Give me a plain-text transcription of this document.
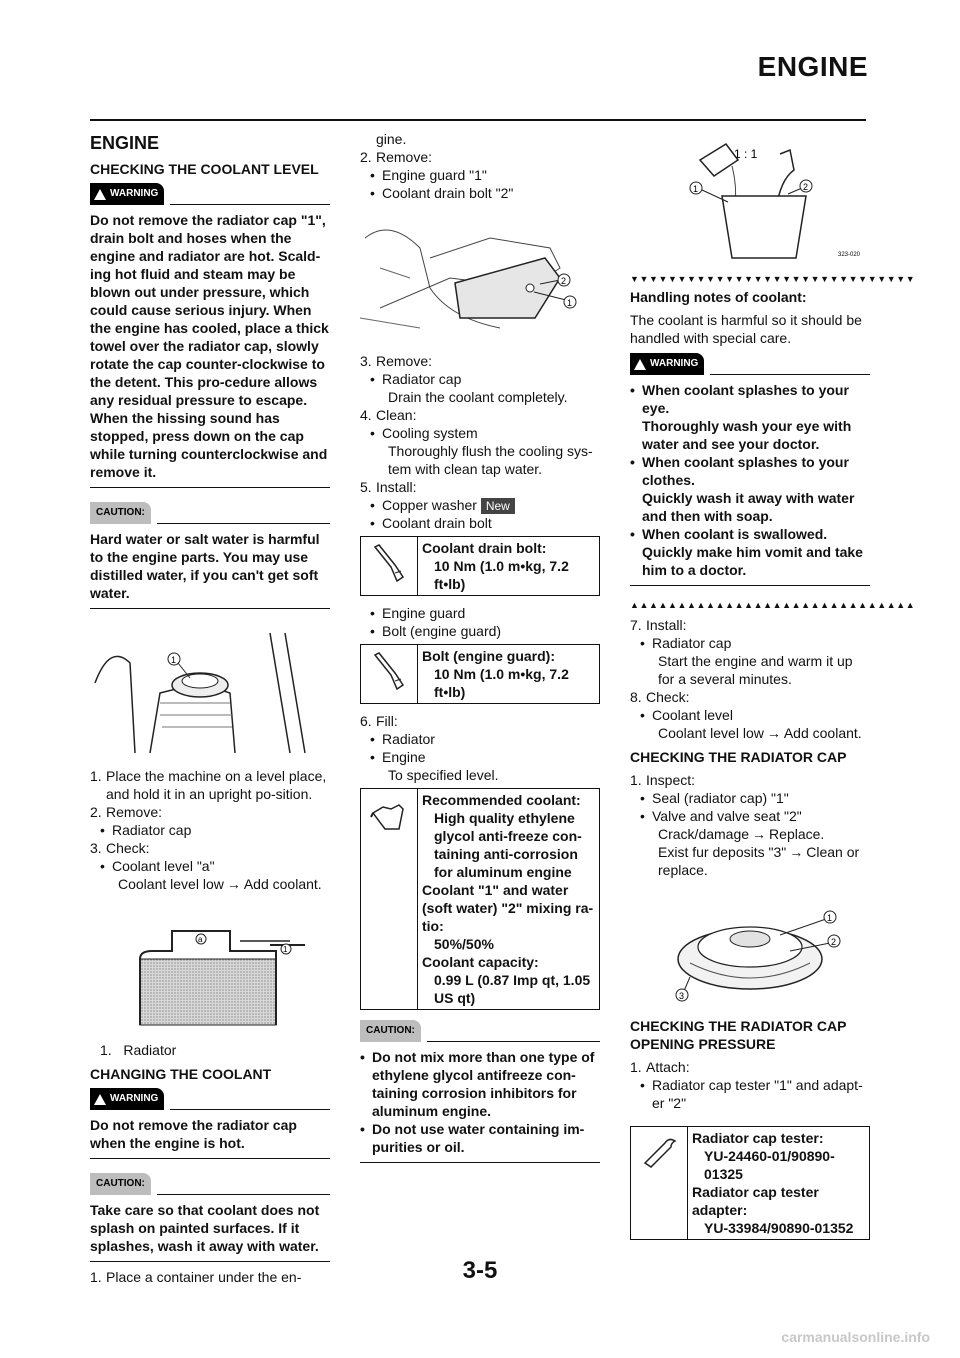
ENGINE
ENGINE
CHECKING THE COOLANT LEVEL
WARNING

Do not remove the radiator cap "1", drain bolt and hoses when the engine and radiator are hot. Scald-ing hot fluid and steam may be blown out under pressure, which could cause serious injury. When the engine has cooled, place a thick towel over the radiator cap, slowly rotate the cap counter-clockwise to the detent. This pro-cedure allows any residual pressure to escape. When the hissing sound has stopped, press down on the cap while turning counterclockwise and remove it.

CAUTION:

Hard water or salt water is harmful to the engine parts. You may use distilled water, if you can't get soft water.

1
1. Place the machine on a level place, and hold it in an upright po-sition.
2. Remove:
• Radiator cap
3. Check:
• Coolant level "a"
Coolant level low → Add coolant.
a
1
1. Radiator
CHANGING THE COOLANT
WARNING

Do not remove the radiator cap when the engine is hot.

CAUTION:

Take care so that coolant does not splash on painted surfaces. If it splashes, wash it away with water.

1. Place a container under the en-
gine.
2. Remove:
• Engine guard "1"
• Coolant drain bolt "2"
2
1
3. Remove:
• Radiator cap
Drain the coolant completely.
4. Clean:
• Cooling system
Thoroughly flush the cooling sys-tem with clean tap water.
5. Install:
• Copper washer New
• Coolant drain bolt
Coolant drain bolt:
10 Nm (1.0 m•kg, 7.2 ft•lb)
• Engine guard
• Bolt (engine guard)
Bolt (engine guard):
10 Nm (1.0 m•kg, 7.2 ft•lb)
6. Fill:
• Radiator
• Engine
To specified level.
Recommended coolant:
High quality ethylene glycol anti-freeze con-taining anti-corrosion for aluminum engine
Coolant "1" and water (soft water) "2" mixing ra-tio:
50%/50%
Coolant capacity:
0.99 L (0.87 Imp qt, 1.05 US qt)
CAUTION:
• Do not mix more than one type of ethylene glycol antifreeze con-taining corrosion inhibitors for aluminum engine.
• Do not use water containing im-purities or oil.
1 : 1
1	2
323-020
▼▼▼▼▼▼▼▼▼▼▼▼▼▼▼▼▼▼▼▼▼▼▼▼▼▼▼▼▼▼
Handling notes of coolant:
The coolant is harmful so it should be handled with special care.
WARNING
• When coolant splashes to your eye.
Thoroughly wash your eye with water and see your doctor.
• When coolant splashes to your clothes.
Quickly wash it away with water and then with soap.
• When coolant is swallowed.
Quickly make him vomit and take him to a doctor.
▲▲▲▲▲▲▲▲▲▲▲▲▲▲▲▲▲▲▲▲▲▲▲▲▲▲▲▲▲▲
7. Install:
• Radiator cap
Start the engine and warm it up for a several minutes.
8. Check:
• Coolant level
Coolant level low → Add coolant.
CHECKING THE RADIATOR CAP
1. Inspect:
• Seal (radiator cap) "1"
• Valve and valve seat "2"
Crack/damage → Replace.
Exist fur deposits "3" → Clean or replace.
1
2
3
CHECKING THE RADIATOR CAP OPENING PRESSURE
1. Attach:
• Radiator cap tester "1" and adapt-er "2"
Radiator cap tester:
YU-24460-01/90890-01325
Radiator cap tester adapter:
YU-33984/90890-01352
3-5
carmanualsonline.info
